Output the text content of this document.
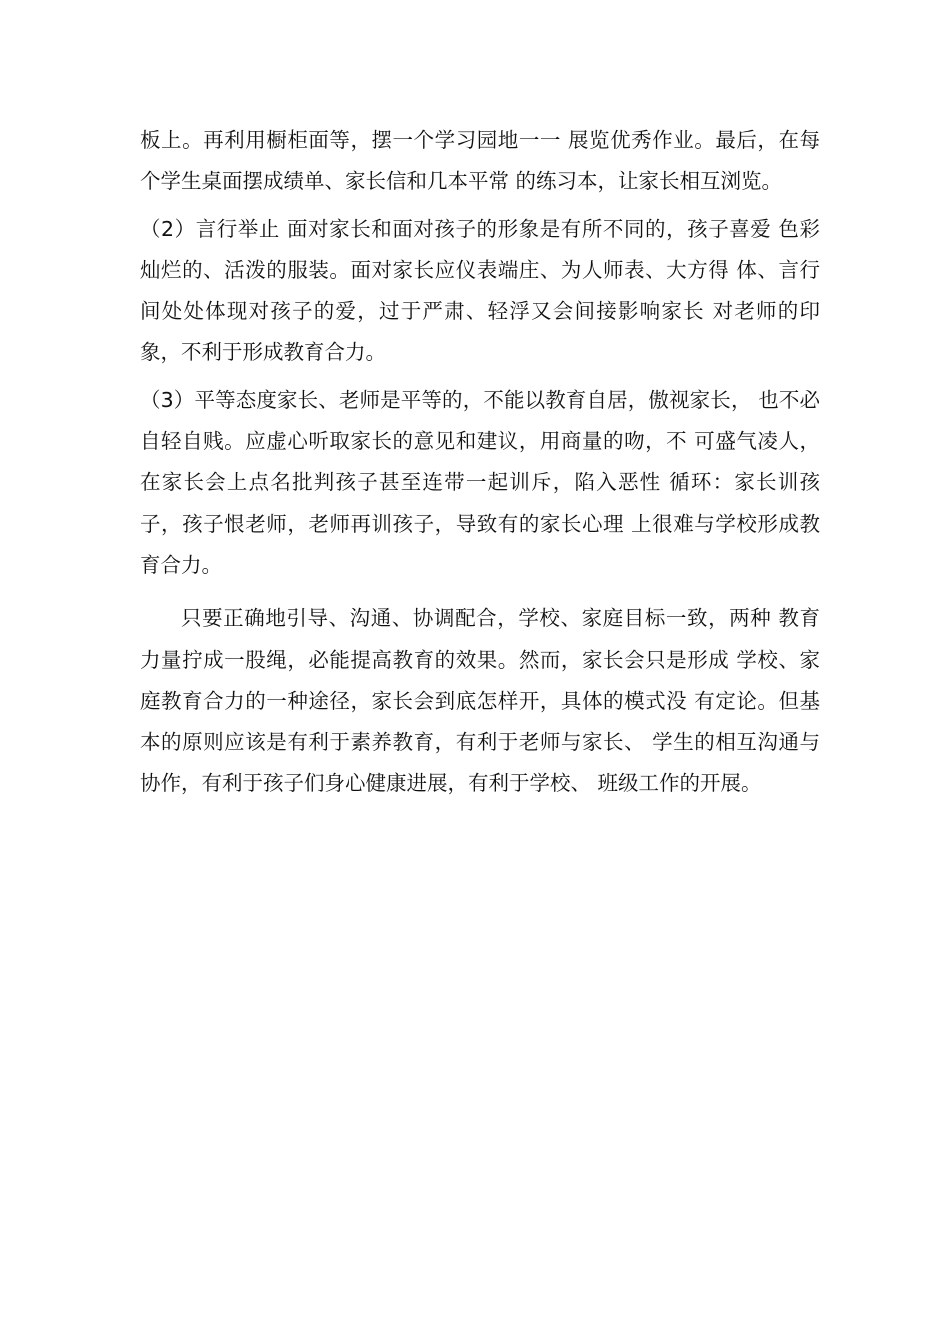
板上。再利用橱柜面等，摆一个学习园地一一 展览优秀作业。最后，在每
个学生桌面摆成绩单、家长信和几本平常 的练习本，让家长相互浏览。
（2）言行举止 面对家长和面对孩子的形象是有所不同的，孩子喜爱 色彩
灿烂的、活泼的服装。面对家长应仪表端庄、为人师表、大方得 体、言行
间处处体现对孩子的爱，过于严肃、轻浮又会间接影响家长 对老师的印
象，不利于形成教育合力。
（3）平等态度家长、老师是平等的，不能以教育自居，傲视家长， 也不必
自轻自贱。应虚心听取家长的意见和建议，用商量的吻，不 可盛气凌人，
在家长会上点名批判孩子甚至连带一起训斥，陷入恶性 循环：家长训孩
子，孩子恨老师，老师再训孩子，导致有的家长心理 上很难与学校形成教
育合力。
只要正确地引导、沟通、协调配合，学校、家庭目标一致，两种 教育
力量拧成一股绳，必能提高教育的效果。然而，家长会只是形成 学校、家
庭教育合力的一种途径，家长会到底怎样开，具体的模式没 有定论。但基
本的原则应该是有利于素养教育，有利于老师与家长、 学生的相互沟通与
协作，有利于孩子们身心健康进展，有利于学校、 班级工作的开展。
